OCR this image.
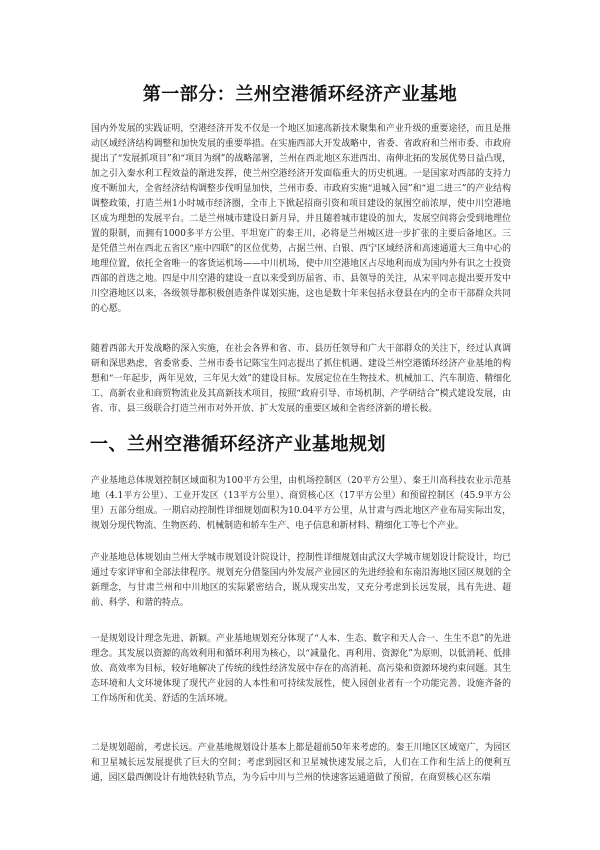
第一部分：兰州空港循环经济产业基地

国内外发展的实践证明，空港经济开发不仅是一个地区加速高新技术聚集和产业升级的重要途径，而且是推动区域经济结构调整和加快发展的重要举措。在实施西部大开发战略中，省委、省政府和兰州市委、市政府提出了“发展抓项目”和“项目为纲”的战略部署，兰州在西北地区东进西出、南伸北拓的发展优势日益凸现，加之引入秦水利工程效益的渐进发挥，使兰州空港经济开发面临重大的历史机遇。一是国家对西部的支持力度不断加大，全省经济结构调整步伐明显加快，兰州市委、市政府实施“退城入园”和“退二进三”的产业结构调整政策，打造兰州1小时城市经济圈，全市上下掀起招商引资和项目建设的氛围空前浓厚，使中川空港地区成为理想的发展平台。二是兰州城市建设日新月异，并且随着城市建设的加大，发展空间将会受到地理位置的限制，而拥有1000多平方公里、平坦宽广的秦王川，必将是兰州城区进一步扩张的主要后备地区。三是凭借兰州在西北五省区“座中四联”的区位优势，占据兰州、白银、西宁区域经济和高速通道大三角中心的地理位置，依托全省唯一的客货运机场——中川机场，使中川空港地区占尽地利而成为国内外有识之士投资西部的首选之地。四是中川空港的建设一直以来受到历届省、市、县领导的关注，从宋平同志提出要开发中川空港地区以来，各级领导都积极创造条件谋划实施，这也是数十年来包括永登县在内的全市干部群众共同的心愿。

随着西部大开发战略的深入实施，在社会各界和省、市、县历任领导和广大干部群众的关注下，经过认真调研和深思熟虑，省委常委、兰州市委书记陈宝生同志提出了抓住机遇、建设兰州空港循环经济产业基地的构想和“一年起步，两年见效，三年见大效”的建设目标。发展定位在生物技术、机械加工、汽车制造、精细化工、高新农业和商贸物流业及其高新技术项目，按照“政府引导、市场机制、产学研结合”模式建设发展，由省、市、县三级联合打造兰州市对外开放、扩大发展的重要区域和全省经济新的增长极。

一、兰州空港循环经济产业基地规划

产业基地总体规划控制区域面积为100平方公里，由机场控制区（20平方公里）、秦王川高科技农业示范基地（4.1平方公里）、工业开发区（13平方公里）、商贸核心区（17平方公里）和预留控制区（45.9平方公里）五部分组成。一期启动控制性详细规划面积为10.04平方公里，从甘肃与西北地区产业布局实际出发，规划分现代物流、生物医药、机械制造和轿车生产、电子信息和新材料、精细化工等七个产业。

产业基地总体规划由兰州大学城市规划设计院设计，控制性详细规划由武汉大学城市规划设计院设计，均已通过专家评审和全部法律程序。规划充分借鉴国内外发展产业园区的先进经验和东南沿海地区园区规划的全新理念，与甘肃兰州和中川地区的实际紧密结合，既从现实出发，又充分考虑到长远发展，具有先进、超前、科学、和谐的特点。

一是规划设计理念先进、新颖。产业基地规划充分体现了“人本、生态、数字和天人合一、生生不息”的先进理念。其发展以资源的高效利用和循环利用为核心，以“减量化、再利用、资源化”为原则，以低消耗、低排放、高效率为目标，较好地解决了传统的线性经济发展中存在的高消耗、高污染和资源环境约束问题。其生态环境和人文环境体现了现代产业园的人本性和可持续发展性，使入园创业者有一个功能完善、设施齐备的工作场所和优美、舒适的生活环境。

二是规划超前，考虑长远。产业基地规划设计基本上都是超前50年来考虑的。秦王川地区区域宽广，为园区和卫星城长远发展提供了巨大的空间；考虑到园区和卫星城快速发展之后，人们在工作和生活上的便利互通，园区最西侧设计有地铁轻轨节点，为今后中川与兰州的快速客运通道做了预留，在商贸核心区东端
